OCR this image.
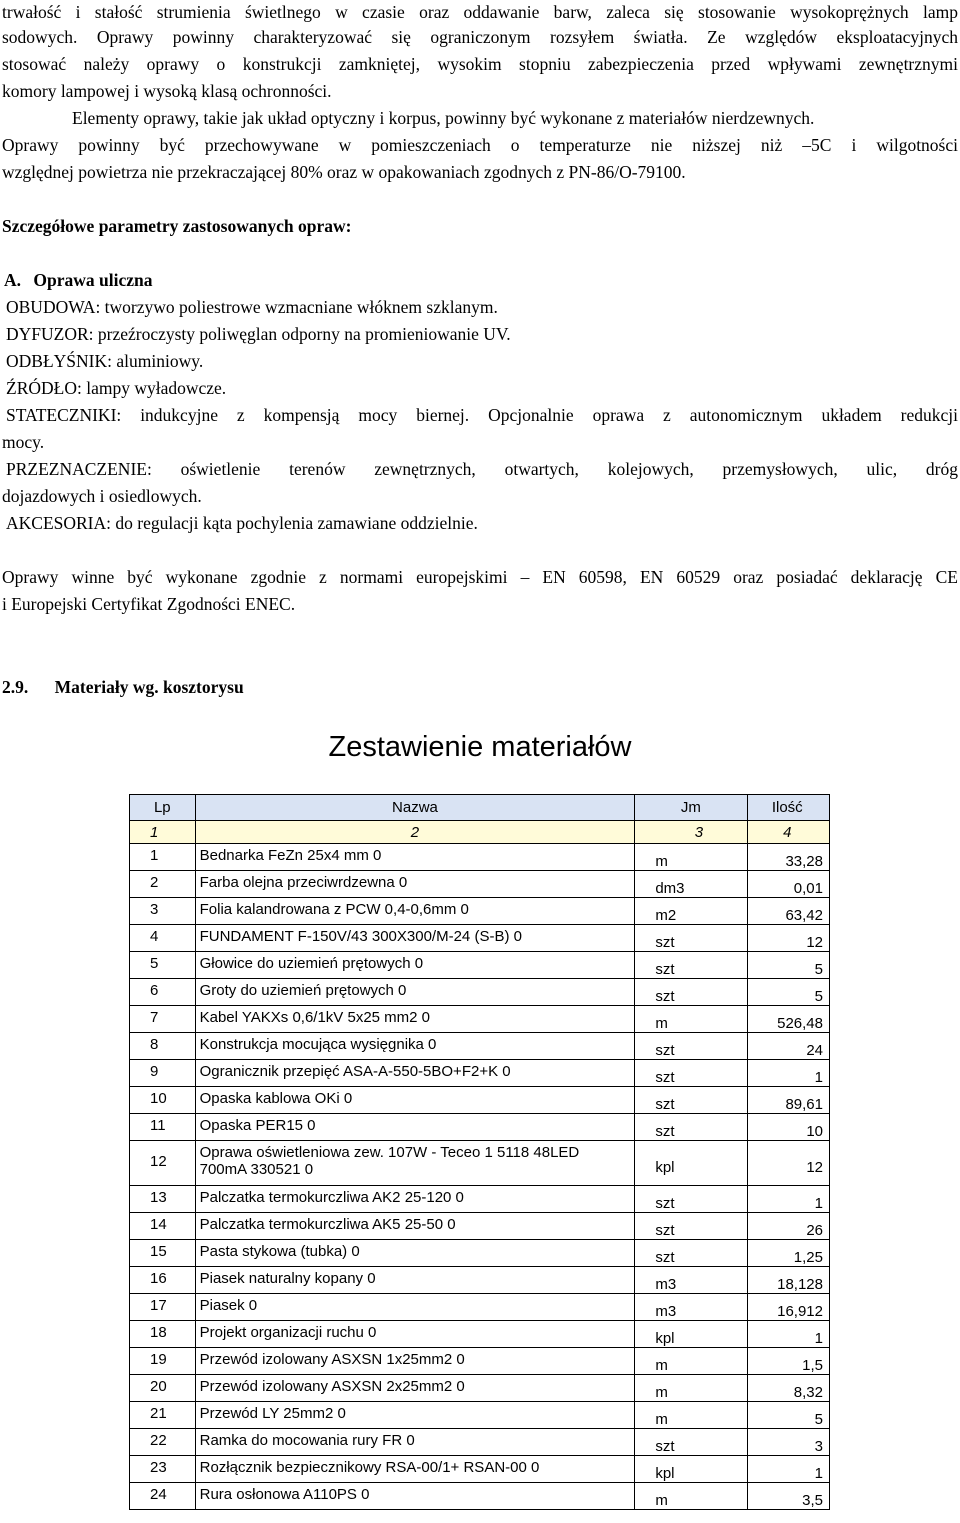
trwałość i stałość strumienia świetlnego w czasie oraz oddawanie barw, zaleca się stosowanie wysokoprężnych lamp

sodowych. Oprawy powinny charakteryzować się ograniczonym rozsyłem światła. Ze względów eksploatacyjnych

stosować należy oprawy o konstrukcji zamkniętej, wysokim stopniu zabezpieczenia przed wpływami zewnętrznymi

komory lampowej i wysoką klasą ochronności.

Elementy oprawy, takie jak układ optyczny i korpus, powinny być wykonane z materiałów nierdzewnych.

Oprawy powinny być przechowywane w pomieszczeniach o temperaturze nie niższej niż –5C i wilgotności

względnej powietrza nie przekraczającej 80% oraz w opakowaniach zgodnych z PN-86/O-79100.

Szczegółowe parametry zastosowanych opraw:

A. Oprawa uliczna

OBUDOWA: tworzywo poliestrowe wzmacniane włóknem szklanym.

DYFUZOR: przeźroczysty poliwęglan odporny na promieniowanie UV.

ODBŁYŚNIK: aluminiowy.

ŹRÓDŁO: lampy wyładowcze.

STATECZNIKI: indukcyjne z kompensją mocy biernej. Opcjonalnie oprawa z autonomicznym układem redukcji

mocy.

PRZEZNACZENIE: oświetlenie terenów zewnętrznych, otwartych, kolejowych, przemysłowych, ulic, dróg

dojazdowych i osiedlowych.

AKCESORIA: do regulacji kąta pochylenia zamawiane oddzielnie.

Oprawy winne być wykonane zgodnie z normami europejskimi – EN 60598, EN 60529 oraz posiadać deklarację CE

i Europejski Certyfikat Zgodności ENEC.

2.9. Materiały wg. kosztorysu

Zestawienie materiałów
Lp	Nazwa	Jm	Ilość
1	2	3	4
1	Bednarka FeZn 25x4 mm 0	m	33,28
2	Farba olejna przeciwrdzewna 0	dm3	0,01
3	Folia kalandrowana z PCW 0,4-0,6mm 0	m2	63,42
4	FUNDAMENT F-150V/43 300X300/M-24 (S-B) 0	szt	12
5	Głowice do uziemień prętowych 0	szt	5
6	Groty do uziemień prętowych 0	szt	5
7	Kabel YAKXs 0,6/1kV 5x25 mm2 0	m	526,48
8	Konstrukcja mocująca wysięgnika 0	szt	24
9	Ogranicznik przepięć ASA-A-550-5BO+F2+K 0	szt	1
10	Opaska kablowa OKi 0	szt	89,61
11	Opaska PER15 0	szt	10
12	Oprawa oświetleniowa zew. 107W - Teceo 1 5118 48LED
700mA 330521 0	kpl	12
13	Palczatka termokurczliwa AK2 25-120 0	szt	1
14	Palczatka termokurczliwa AK5 25-50 0	szt	26
15	Pasta stykowa (tubka) 0	szt	1,25
16	Piasek naturalny kopany 0	m3	18,128
17	Piasek 0	m3	16,912
18	Projekt organizacji ruchu 0	kpl	1
19	Przewód izolowany ASXSN 1x25mm2 0	m	1,5
20	Przewód izolowany ASXSN 2x25mm2 0	m	8,32
21	Przewód LY 25mm2 0	m	5
22	Ramka do mocowania rury FR 0	szt	3
23	Rozłącznik bezpiecznikowy RSA-00/1+ RSAN-00 0	kpl	1
24	Rura osłonowa A110PS 0	m	3,5
